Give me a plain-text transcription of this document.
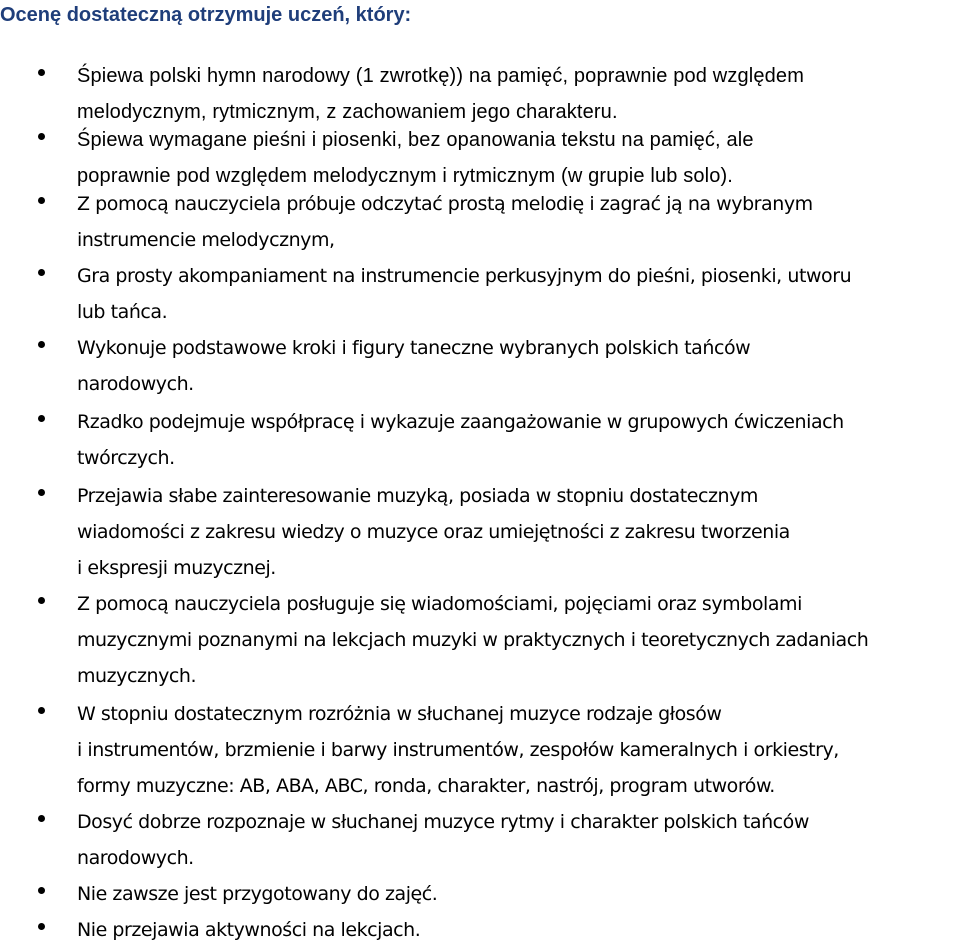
Ocenę dostateczną otrzymuje uczeń, który:
Śpiewa polski hymn narodowy (1 zwrotkę)) na pamięć, poprawnie pod względem
melodycznym, rytmicznym, z zachowaniem jego charakteru.
Śpiewa wymagane pieśni i piosenki, bez opanowania tekstu na pamięć, ale
poprawnie pod względem melodycznym i rytmicznym (w grupie lub solo).
Z pomocą nauczyciela próbuje odczytać prostą melodię i zagrać ją na wybranym
instrumencie melodycznym,
Gra prosty akompaniament na instrumencie perkusyjnym do pieśni, piosenki, utworu
lub tańca.
Wykonuje podstawowe kroki i figury taneczne wybranych polskich tańców
narodowych.
Rzadko podejmuje współpracę i wykazuje zaangażowanie w grupowych ćwiczeniach
twórczych.
Przejawia słabe zainteresowanie muzyką, posiada w stopniu dostatecznym
wiadomości z zakresu wiedzy o muzyce oraz umiejętności z zakresu tworzenia
i ekspresji muzycznej.
Z pomocą nauczyciela posługuje się wiadomościami, pojęciami oraz symbolami
muzycznymi poznanymi na lekcjach muzyki w praktycznych i teoretycznych zadaniach
muzycznych.
W stopniu dostatecznym rozróżnia w słuchanej muzyce rodzaje głosów
i instrumentów, brzmienie i barwy instrumentów, zespołów kameralnych i orkiestry,
formy muzyczne: AB, ABA, ABC, ronda, charakter, nastrój, program utworów.
Dosyć dobrze rozpoznaje w słuchanej muzyce rytmy i charakter polskich tańców
narodowych.
Nie zawsze jest przygotowany do zajęć.
Nie przejawia aktywności na lekcjach.
